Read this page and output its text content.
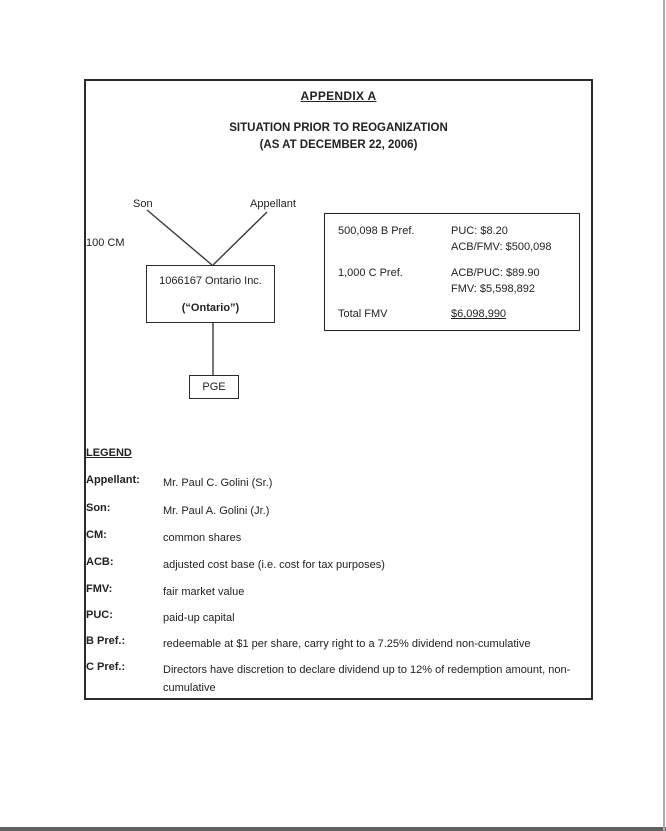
APPENDIX A
SITUATION PRIOR TO REOGANIZATION
(AS AT DECEMBER 22, 2006)
Son	Appellant
100 CM
1066167 Ontario Inc.
(“Ontario”)
PGE
500,098 B Pref.	PUC: $8.20
ACB/FMV: $500,098
1,000 C Pref.	ACB/PUC: $89.90
FMV: $5,598,892
Total FMV	$6,098,990
LEGEND
Appellant: Mr. Paul C. Golini (Sr.)
Son:	Mr. Paul A. Golini (Jr.)
CM:	common shares
ACB:	adjusted cost base (i.e. cost for tax purposes)
FMV:	fair market value
PUC:	paid-up capital
B Pref.:	redeemable at $1 per share, carry right to a 7.25% dividend non-cumulative
C Pref.:	Directors have discretion to declare dividend up to 12% of redemption amount, non-cumulative
